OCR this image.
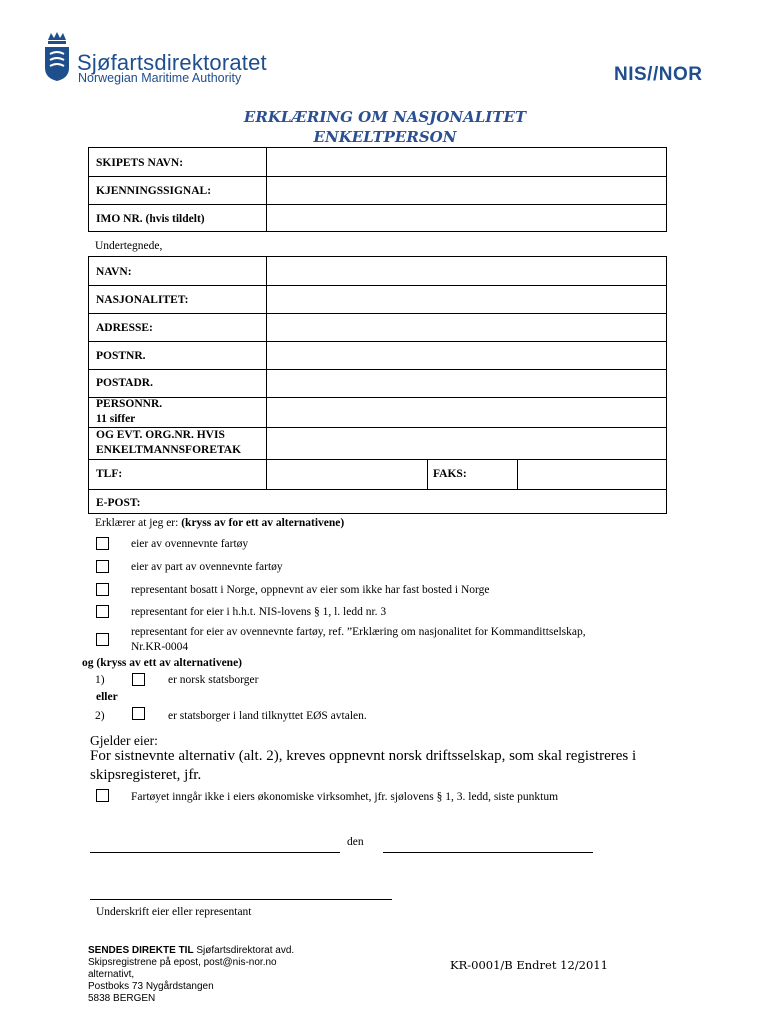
Sjøfartsdirektoratet
Norwegian Maritime Authority	NIS//NOR
ERKLÆRING OM NASJONALITET
ENKELTPERSON
SKIPETS NAVN:
KJENNINGSSIGNAL:
IMO NR. (hvis tildelt)
Undertegnede,
NAVN:
NASJONALITET:
ADRESSE:
POSTNR.
POSTADR.
PERSONNR.
11 siffer
OG EVT. ORG.NR. HVIS
ENKELTMANNSFORETAK
TLF:	FAKS:
E-POST:
Erklærer at jeg er: (kryss av for ett av alternativene)
eier av ovennevnte fartøy
eier av part av ovennevnte fartøy
representant bosatt i Norge, oppnevnt av eier som ikke har fast bosted i Norge
representant for eier i h.h.t. NIS-lovens § 1, l. ledd nr. 3
representant for eier av ovennevnte fartøy, ref. ”Erklæring om nasjonalitet for Kommandittselskap,
Nr.KR-0004
og (kryss av ett av alternativene)
1)	er norsk statsborger
eller
2)	er statsborger i land tilknyttet EØS avtalen.
Gjelder eier:
For sistnevnte alternativ (alt. 2), kreves oppnevnt norsk driftsselskap, som skal registreres i
skipsregisteret, jfr.
Fartøyet inngår ikke i eiers økonomiske virksomhet, jfr. sjølovens § 1, 3. ledd, siste punktum
den
Underskrift eier eller representant
SENDES DIREKTE TIL Sjøfartsdirektorat avd.
Skipsregistrene på epost, post@nis-nor.no
alternativt,
Postboks 73 Nygårdstangen
5838 BERGEN
KR-0001/B Endret 12/2011
